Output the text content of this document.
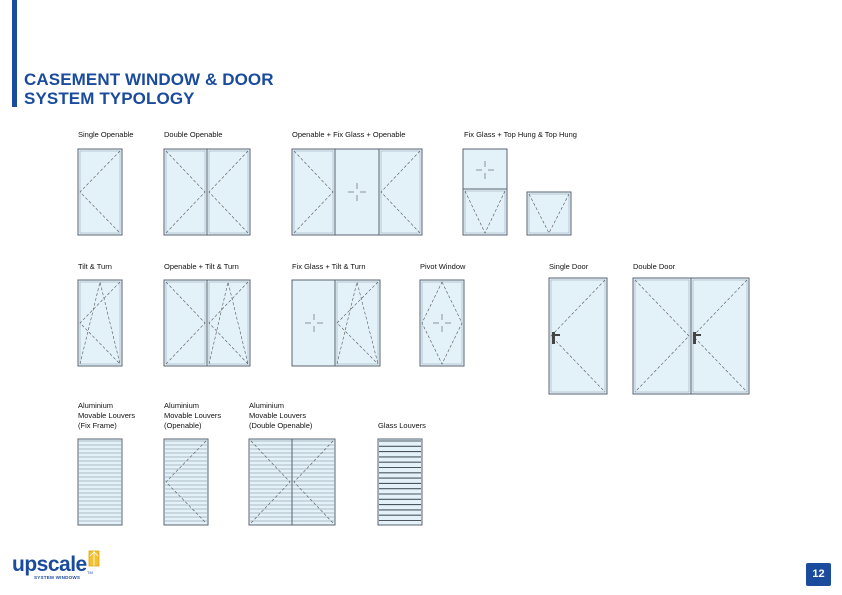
CASEMENT WINDOW & DOOR
SYSTEM TYPOLOGY
Single Openable	Double Openable	Openable + Fix Glass + Openable	Fix Glass + Top Hung & Top Hung
Tilt & Turn	Openable + Tilt & Turn	Fix Glass + Tilt & Turn	Pivot Window	Single Door	Double Door
Aluminium
Movable Louvers
(Fix Frame)
Aluminium
Movable Louvers
(Openable)
Aluminium
Movable Louvers
(Double Openable)	Glass Louvers
upscale TM
SYSTEM WINDOWS	12
